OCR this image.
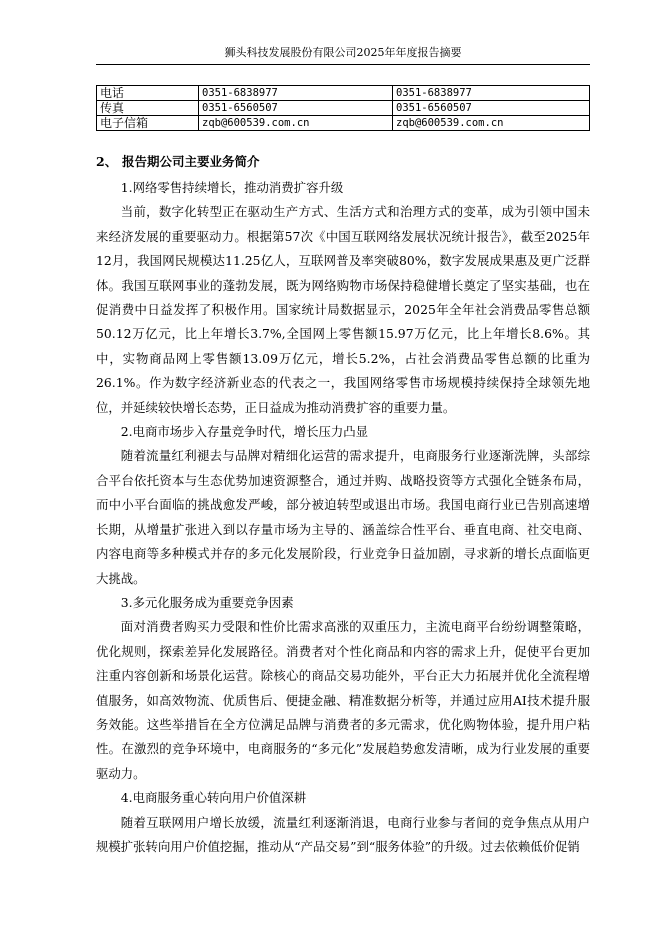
狮头科技发展股份有限公司2025年年度报告摘要
电话	0351-6838977	0351-6838977
传真	0351-6560507	0351-6560507
电子信箱	zqb@600539.com.cn	zqb@600539.com.cn
2、 报告期公司主要业务简介

1.网络零售持续增长，推动消费扩容升级

当前，数字化转型正在驱动生产方式、生活方式和治理方式的变革，成为引领中国未来经济发展的重要驱动力。根据第57次《中国互联网络发展状况统计报告》，截至2025年12月，我国网民规模达11.25亿人，互联网普及率突破80%，数字发展成果惠及更广泛群体。我国互联网事业的蓬勃发展，既为网络购物市场保持稳健增长奠定了坚实基础，也在促消费中日益发挥了积极作用。国家统计局数据显示，2025年全年社会消费品零售总额50.12万亿元，比上年增长3.7%,全国网上零售额15.97万亿元，比上年增长8.6%。其中，实物商品网上零售额13.09万亿元，增长5.2%，占社会消费品零售总额的比重为26.1%。作为数字经济新业态的代表之一，我国网络零售市场规模持续保持全球领先地位，并延续较快增长态势，正日益成为推动消费扩容的重要力量。

2.电商市场步入存量竞争时代，增长压力凸显

随着流量红利褪去与品牌对精细化运营的需求提升，电商服务行业逐渐洗牌，头部综合平台依托资本与生态优势加速资源整合，通过并购、战略投资等方式强化全链条布局，而中小平台面临的挑战愈发严峻，部分被迫转型或退出市场。我国电商行业已告别高速增长期，从增量扩张进入到以存量市场为主导的、涵盖综合性平台、垂直电商、社交电商、内容电商等多种模式并存的多元化发展阶段，行业竞争日益加剧，寻求新的增长点面临更大挑战。

3.多元化服务成为重要竞争因素

面对消费者购买力受限和性价比需求高涨的双重压力，主流电商平台纷纷调整策略，优化规则，探索差异化发展路径。消费者对个性化商品和内容的需求上升，促使平台更加注重内容创新和场景化运营。除核心的商品交易功能外，平台正大力拓展并优化全流程增值服务，如高效物流、优质售后、便捷金融、精准数据分析等，并通过应用AI技术提升服务效能。这些举措旨在全方位满足品牌与消费者的多元需求，优化购物体验，提升用户粘性。在激烈的竞争环境中，电商服务的“多元化”发展趋势愈发清晰，成为行业发展的重要驱动力。

4.电商服务重心转向用户价值深耕

随着互联网用户增长放缓，流量红利逐渐消退，电商行业参与者间的竞争焦点从用户规模扩张转向用户价值挖掘，推动从“产品交易”到“服务体验”的升级。过去依赖低价促销
